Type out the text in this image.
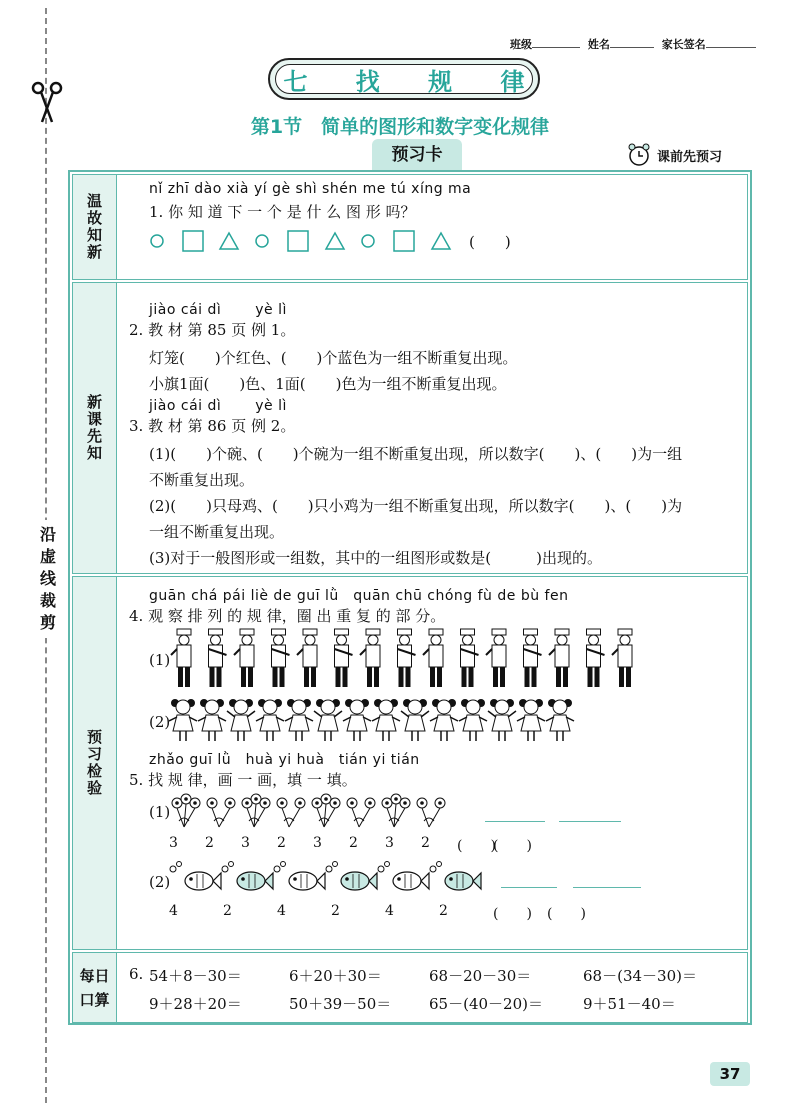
沿虚线裁剪
班级	姓名	家长签名
七 找 规 律
第1节　简单的图形和数字变化规律
预习卡	课前先预习
温故知新
nǐ zhī dào xià yí gè shì shén me tú xíng ma
1. 你 知 道 下 一 个 是 什 么 图 形 吗？
(　　)
新课先知
jiào cái dì　　 yè lì
2. 教 材 第 85 页 例 1。
灯笼(　　)个红色、(　　)个蓝色为一组不断重复出现。
小旗1面(　　)色、1面(　　)色为一组不断重复出现。
jiào cái dì　　 yè lì
3. 教 材 第 86 页 例 2。
(1)(　　)个碗、(　　)个碗为一组不断重复出现，所以数字(　　)、(　　)为一组
不断重复出现。
(2)(　　)只母鸡、(　　)只小鸡为一组不断重复出现，所以数字(　　)、(　　)为
一组不断重复出现。
(3)对于一般图形或一组数，其中的一组图形或数是(　　　)出现的。
预习检验
guān chá pái liè de guī lǜ　quān chū chóng fù de bù fen
4. 观 察 排 列 的 规 律，圈 出 重 复 的 部 分。
(1)
(2)
zhǎo guī lǜ　huà yi huà　tián yi tián
5. 找 规 律，画 一 画，填 一 填。
(1)
3 2 3 2 3 2 3 2 (　　)
(　　)
(2)
4	2	4	2	4	2	(　　) (　　)
每日口算
6. 54＋8－30＝	6＋20＋30＝	68－20－30＝	68－(34－30)＝
9＋28＋20＝	50＋39－50＝	65－(40－20)＝	9＋51－40＝
37
